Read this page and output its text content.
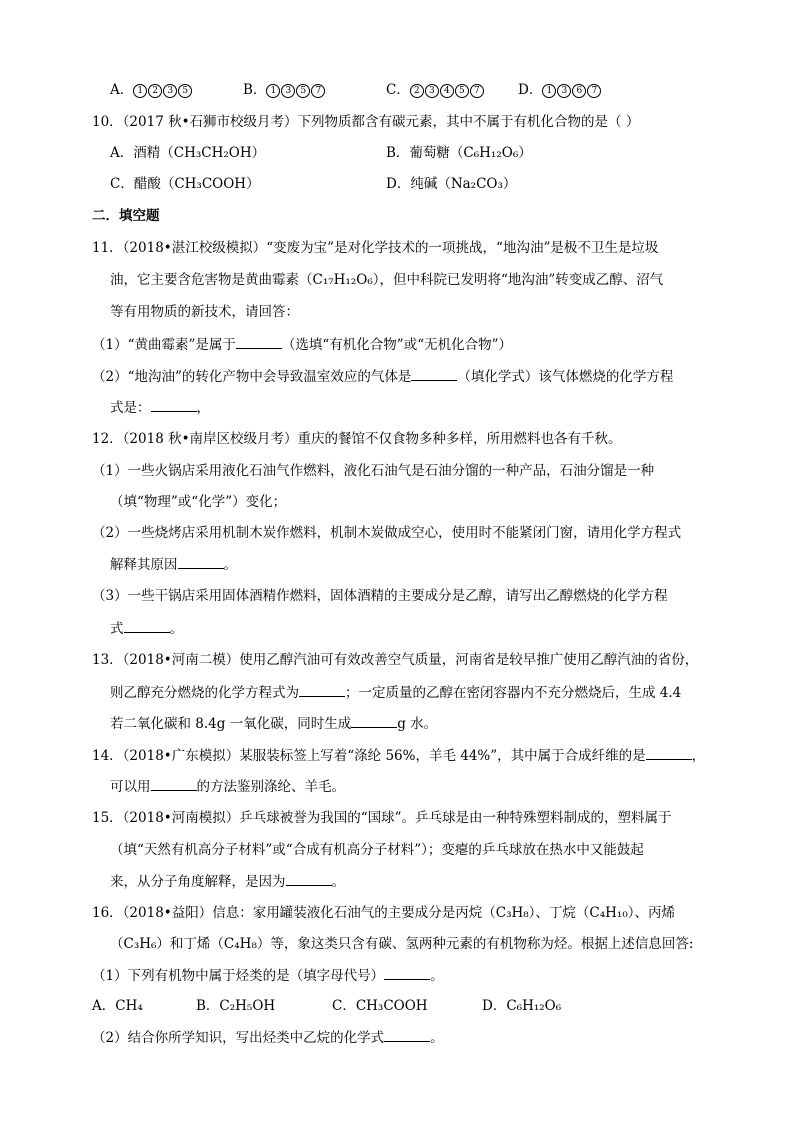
A． 1 2 3 5	B． 1 3 5 7	C． 2 3 4 5 7	D． 1 3 6 7
10．（2017 秋•石狮市校级月考）下列物质都含有碳元素，其中不属于有机化合物的是（ ）
A．酒精（CH₃CH₂OH）	B．葡萄糖（C₆H₁₂O₆）
C．醋酸（CH₃COOH）	D．纯碱（Na₂CO₃）
二．填空题
11．（2018•湛江校级模拟）“变废为宝”是对化学技术的一项挑战，“地沟油”是极不卫生是垃圾
油，它主要含危害物是黄曲霉素（C₁₇H₁₂O₆），但中科院已发明将“地沟油”转变成乙醇、沼气
等有用物质的新技术，请回答：
（1）“黄曲霉素”是属于	（选填“有机化合物”或“无机化合物”）
（2）“地沟油”的转化产物中会导致温室效应的气体是	（填化学式）该气体燃烧的化学方程
式是：	，
12．（2018 秋•南岸区校级月考）重庆的餐馆不仅食物多种多样，所用燃料也各有千秋。
（1）一些火锅店采用液化石油气作燃料，液化石油气是石油分馏的一种产品，石油分馏是一种
（填“物理”或“化学”）变化；
（2）一些烧烤店采用机制木炭作燃料，机制木炭做成空心，使用时不能紧闭门窗，请用化学方程式
解释其原因	。
（3）一些干锅店采用固体酒精作燃料，固体酒精的主要成分是乙醇，请写出乙醇燃烧的化学方程
式	。
13．（2018•河南二模）使用乙醇汽油可有效改善空气质量，河南省是较早推广使用乙醇汽油的省份，
则乙醇充分燃烧的化学方程式为	；一定质量的乙醇在密闭容器内不充分燃烧后，生成 4.4
若二氧化碳和 8.4g 一氧化碳，同时生成	g 水。
14．（2018•广东模拟）某服装标签上写着“涤纶 56%，羊毛 44%”，其中属于合成纤维的是	，
可以用	的方法鉴别涤纶、羊毛。
15．（2018•河南模拟）乒乓球被誉为我国的“国球”。乒乓球是由一种特殊塑料制成的，塑料属于
（填“天然有机高分子材料”或“合成有机高分子材料”）；变瘪的乒乓球放在热水中又能鼓起
来，从分子角度解释，是因为	。
16．（2018•益阳）信息：家用罐装液化石油气的主要成分是丙烷（C₃H₈）、丁烷（C₄H₁₀）、丙烯
（C₃H₆）和丁烯（C₄H₈）等，象这类只含有碳、氢两种元素的有机物称为烃。根据上述信息回答:
（1）下列有机物中属于烃类的是（填字母代号）	。
A．CH₄	B．C₂H₅OH	C．CH₃COOH	D．C₆H₁₂O₆
（2）结合你所学知识，写出烃类中乙烷的化学式	。
